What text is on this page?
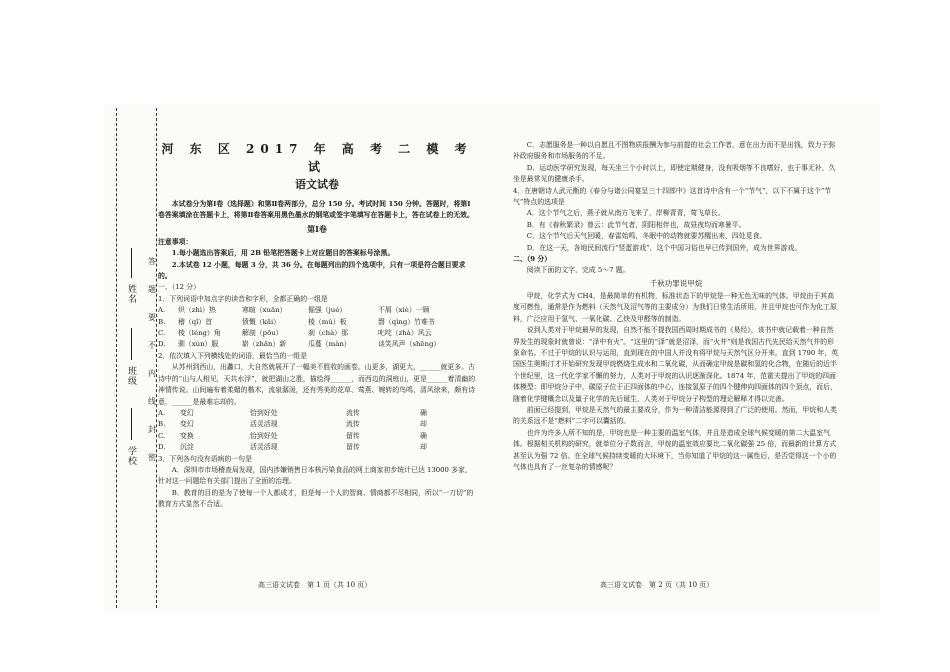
姓名
班级
学校
答
题
要
不
内
线
封
密

河 东 区 2017 年 高 考 二 模 考 试

语文试卷

本试卷分为第Ⅰ卷（选择题）和第Ⅱ卷两部分，总分 150 分。考试时间 150 分钟。答题时，将第Ⅰ卷答案填涂在答题卡上，将第Ⅱ卷答案用黑色墨水的钢笔或签字笔填写在答题卡上，答在试卷上的无效。

第Ⅰ卷

注意事项：

1.每小题选出答案后，用 2B 铅笔把答题卡上对应题目的答案标号涂黑。

2.本试卷 12 小题，每题 3 分，共 36 分。在每题列出的四个选项中，只有一项是符合题目要求的。

一、（12 分）

1．下列词语中加点字的读音和字形，全都正确的一组是

A.	炽（zhì）热	寒暄（xuān）	倔强（jué）	不屑（xiè）一顾
B.	稽（qǐ）首	愤慨（kǎi）	棱（mǔ）板	磬（qìng）竹难书
C.	棱（léng）角	解剖（pōu）	刹（chà）那	叱咤（zhà）风云
D.	驯（xún）服	崭（zhǎn）新	瓜蔓（màn）	谈笑风声（shēng）

2．依次填入下列横线处的词语，最恰当的一组是

从苏州到西山，出蠡口，大自然就展开了一幅美不胜收的画卷。山更多，湖更大，______就更多。古诗中的“山与人相见，天共水浮”，就把湖山之胜，描绘得______，而西边的洞庭山，更是______着清幽的神情传说。山间遍布着柔媚的楷木，流泉潺湲，还有秀美的花草、莺燕、婉转的鸟鸣、清风徐来，颇有诗意，______是最难忘却的。

A.	变幻	恰到好处	流传	确
B.	变幻	活灵活现	流传	却
C.	变换	恰到好处	留传	确
D.	沉淀	活灵活现	留传	却

3．下列各句没有语病的一句是

A．深圳市市场稽查局发现，国内涉嫌销售日本核污染食品的网上商家初步统计已达 13000 多家，针对这一问题给有关部门提出了全面的治理。

B．教育的目的是为了使每一个人都成才，但是每一个人的智商、情商都不尽相同，所以“一刀切”的教育方式显然不合适。

C．志愿服务是一种以自愿且不图物质报酬为参与前提的社会工作者，意在出力而不是出钱，致力于弥补政府服务和市场服务的不足。

D．运动医学研究发现，每天坐三个小时以上，即使定期健身，没有吸烟等不良嗜好，也于事无补，久坐是最常见的健康杀手。

4．在唐朝诗人武元衡的《春分与诸公同宴呈三十四郎中》这首诗中含有一个“节气”，以下不属于这个“节气”特点的选项是

A．这个节气之后，燕子就从南方飞来了，岸柳青青，莺飞草长。

B．有《春秋繁录》曾云：此节气者，阴阳相伴也，故昼夜均而寒暑平。

C．这个节气后天气回暖，春雷始鸣，冬眠中的动物就要苏醒出来，四处觅食。

D．在这一天，各地民间流行“竖蛋游戏”，这个中国习俗也早已传到国外，成为世界游戏。

二、（9 分）

阅读下面的文字，完成 5～7 题。

千秋功罪说甲烷

甲烷，化学式为 CH4，是最简单的有机物，标准状态下的甲烷是一种无色无味的气体。甲烷由于其高度可燃性，通常是作为燃料（天然气及沼气等的主要成分）为我们日常生活所用，并且甲烷也可作为化工原料，广泛应用于氢气、一氧化碳、乙炔及甲醛等的制造。

说到人类对于甲烷最早的发现，自然不能不提我国西周时期成书的《易经》，该书中就记载着一种自然界发生的现象时就曾说：“泽中有火”。“这里的“泽”就是沼泽，而“火井”则是我国古代先民给天然气井的形象命名。不过于甲烷的认识与运用，直到现在的中国人并没有将甲烷与天然气区分开来。直到 1790 年，英国医生奥斯汀才开始研究发现甲烷燃烧生成水和二氧化碳，从而确定甲烷是碳和氢的化合物，在随后的近半个世纪里，这一代化学家不懈的努力，人类对于甲烷的认识逐渐深化。1874 年，范霍夫提出了甲烷的四面体模型：即甲烷分子中，碳原子位于正四面体的中心，连接氢原子的四个键伸向四面体的四个顶点，而后，随着化学键概念以及量子化学的先后诞生，人类对于甲烷分子构型的理论解释才得以完善。

前面已经提到，甲烷是天然气的最主要成分，作为一种清洁能源得到了广泛的使用。然而，甲烷和人类的关系远不是“燃料”二字可以囊括的。

也许为许多人所不知的是，甲烷也是一种主要的温室气体，并且是造成全球气候变暖的第二大温室气体。根据相关机构的研究，就单位分子数而言，甲烷的温室效应要比二氧化碳强 25 倍，而最新的计算方式甚至认为强 72 倍。在全球气候持续变暖的大环境下，当你知道了甲烷的这一属性后，是否觉得这一个小的气体也具有了一丝复杂的情感呢？

高三语文试卷　第 1 页（共 10 页）	高三语文试卷　第 2 页（共 10 页）
